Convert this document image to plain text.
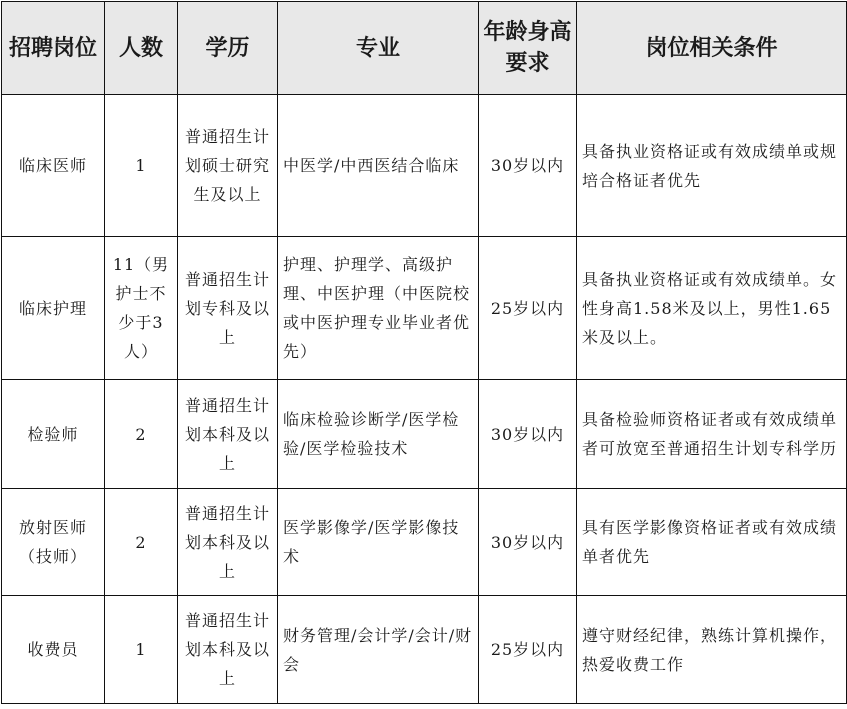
招聘岗位	人数	学历	专业	年龄身高要求	岗位相关条件
临床医师	1	普通招生计划硕士研究生及以上	中医学/中西医结合临床	30岁以内	具备执业资格证或有效成绩单或规培合格证者优先
临床护理	11（男护士不少于3人）	普通招生计划专科及以上	护理、护理学、高级护理、中医护理（中医院校或中医护理专业毕业者优先）	25岁以内	具备执业资格证或有效成绩单。女性身高1.58米及以上，男性1.65米及以上。
检验师	2	普通招生计划本科及以上	临床检验诊断学/医学检验/医学检验技术	30岁以内	具备检验师资格证者或有效成绩单者可放宽至普通招生计划专科学历
放射医师（技师）	2	普通招生计划本科及以上	医学影像学/医学影像技术	30岁以内	具有医学影像资格证者或有效成绩单者优先
收费员	1	普通招生计划本科及以上	财务管理/会计学/会计/财会	25岁以内	遵守财经纪律，熟练计算机操作，热爱收费工作
